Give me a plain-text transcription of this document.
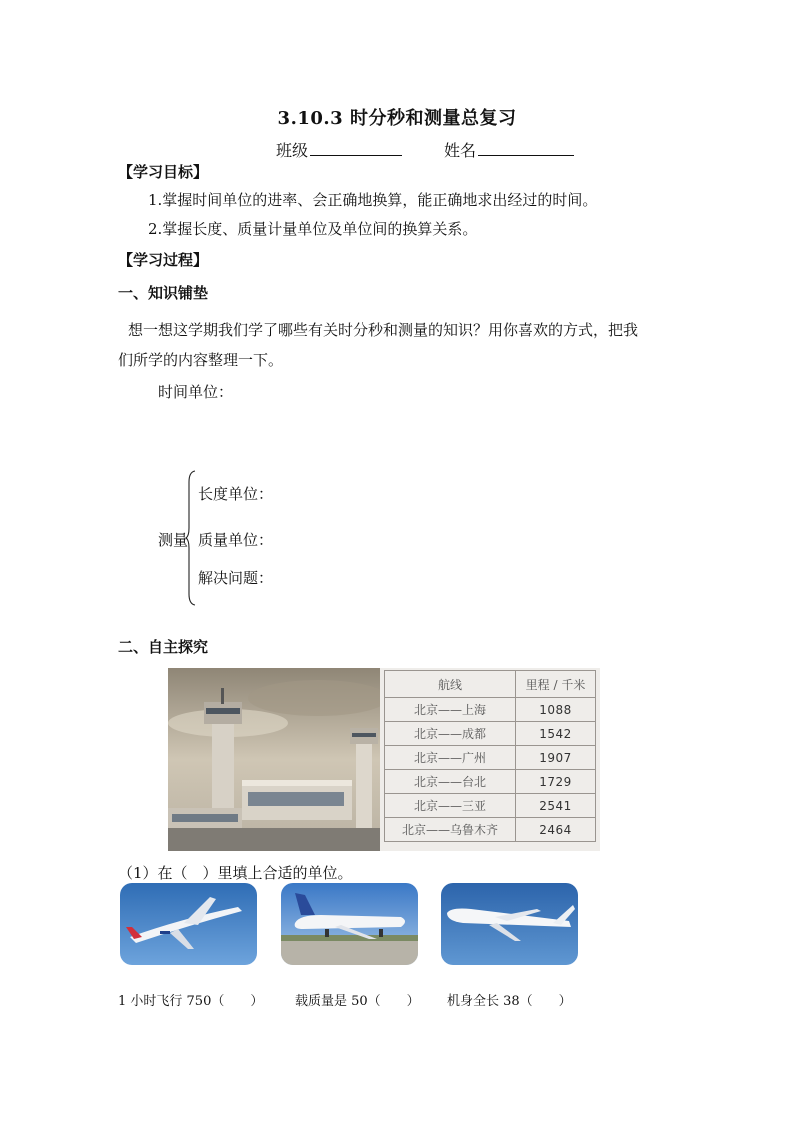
3.10.3 时分秒和测量总复习
班级	姓名
【学习目标】
1.掌握时间单位的进率、会正确地换算，能正确地求出经过的时间。
2.掌握长度、质量计量单位及单位间的换算关系。
【学习过程】
一、知识铺垫
想一想这学期我们学了哪些有关时分秒和测量的知识？用你喜欢的方式，把我
们所学的内容整理一下。
时间单位：
测量
长度单位：
质量单位：
解决问题：
二、自主探究
航线	里程 / 千米
北京——上海	1088
北京——成都	1542
北京——广州	1907
北京——台北	1729
北京——三亚	2541
北京——乌鲁木齐	2464
（1）在（　）里填上合适的单位。
1 小时飞行 750（　　） 载质量是 50（　　） 机身全长 38（　　）
